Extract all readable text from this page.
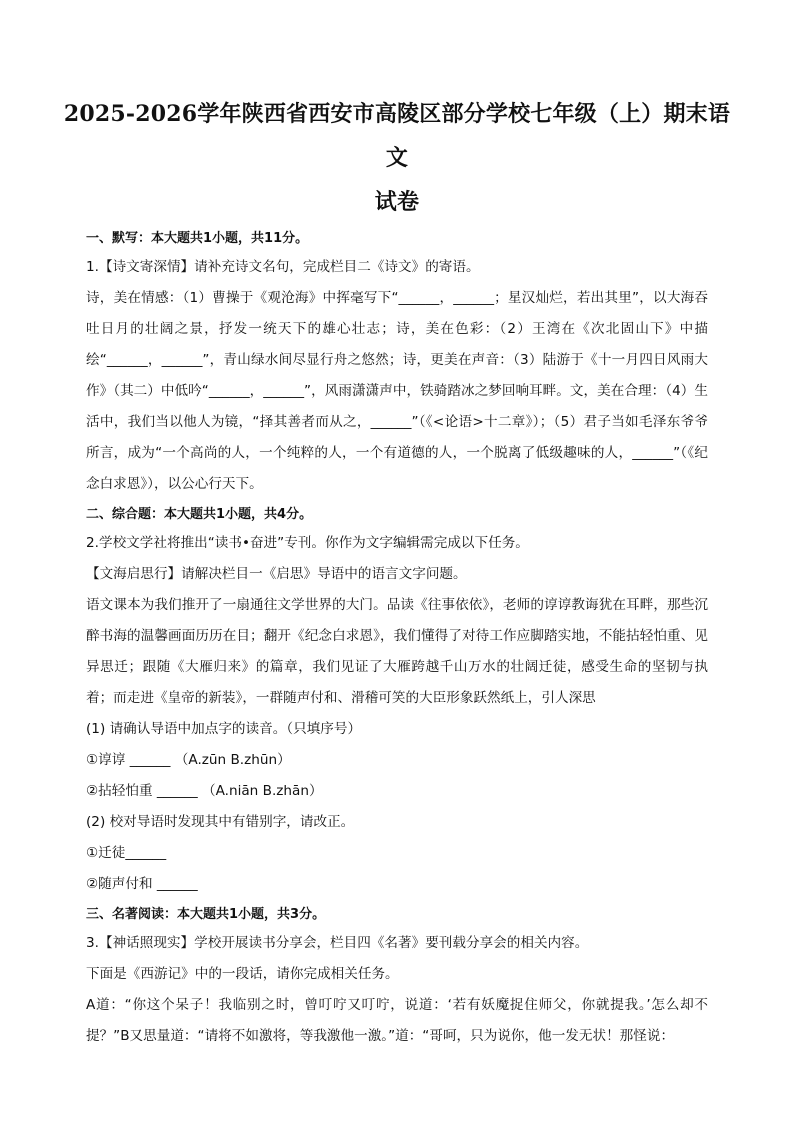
2025-2026学年陕西省西安市高陵区部分学校七年级（上）期末语文
试卷
一、默写：本大题共1小题，共11分。

1.【诗文寄深情】请补充诗文名句，完成栏目二《诗文》的寄语。

诗，美在情感：（1）曹操于《观沧海》中挥毫写下“______，______；星汉灿烂，若出其里”，以大海吞吐日月的壮阔之景，抒发一统天下的雄心壮志；诗，美在色彩：（2）王湾在《次北固山下》中描绘“______，______”，青山绿水间尽显行舟之悠然；诗，更美在声音：（3）陆游于《十一月四日风雨大作》（其二）中低吟“______，______”，风雨潇潇声中，铁骑踏冰之梦回响耳畔。文，美在合理：（4）生活中，我们当以他人为镜，“择其善者而从之，______”（《<论语>十二章》）；（5）君子当如毛泽东爷爷所言，成为“一个高尚的人，一个纯粹的人，一个有道德的人，一个脱离了低级趣味的人，______”（《纪念白求恩》），以公心行天下。

二、综合题：本大题共1小题，共4分。

2.学校文学社将推出“读书•奋进”专刊。你作为文字编辑需完成以下任务。

【文海启思行】请解决栏目一《启思》导语中的语言文字问题。

语文课本为我们推开了一扇通往文学世界的大门。品读《往事依依》，老师的谆谆教诲犹在耳畔，那些沉醉书海的温馨画面历历在目；翻开《纪念白求恩》，我们懂得了对待工作应脚踏实地，不能拈轻怕重、见异思迁；跟随《大雁归来》的篇章，我们见证了大雁跨越千山万水的壮阔迁徒，感受生命的坚韧与执着；而走进《皇帝的新装》，一群随声付和、滑稽可笑的大臣形象跃然纸上，引人深思

(1) 请确认导语中加点字的读音。（只填序号）

①谆谆 ______ （A.zūn B.zhūn）

②拈轻怕重 ______ （A.niān B.zhān）

(2) 校对导语时发现其中有错别字，请改正。

①迁徒______

②随声付和 ______

三、名著阅读：本大题共1小题，共3分。

3.【神话照现实】学校开展读书分享会，栏目四《名著》要刊载分享会的相关内容。

下面是《西游记》中的一段话，请你完成相关任务。

A道：“你这个呆子！我临别之时，曾叮咛又叮咛，说道：‘若有妖魔捉住师父，你就提我。’怎么却不提？”B又思量道：“请将不如激将，等我激他一激。”道：“哥呵，只为说你，他一发无状！那怪说：
